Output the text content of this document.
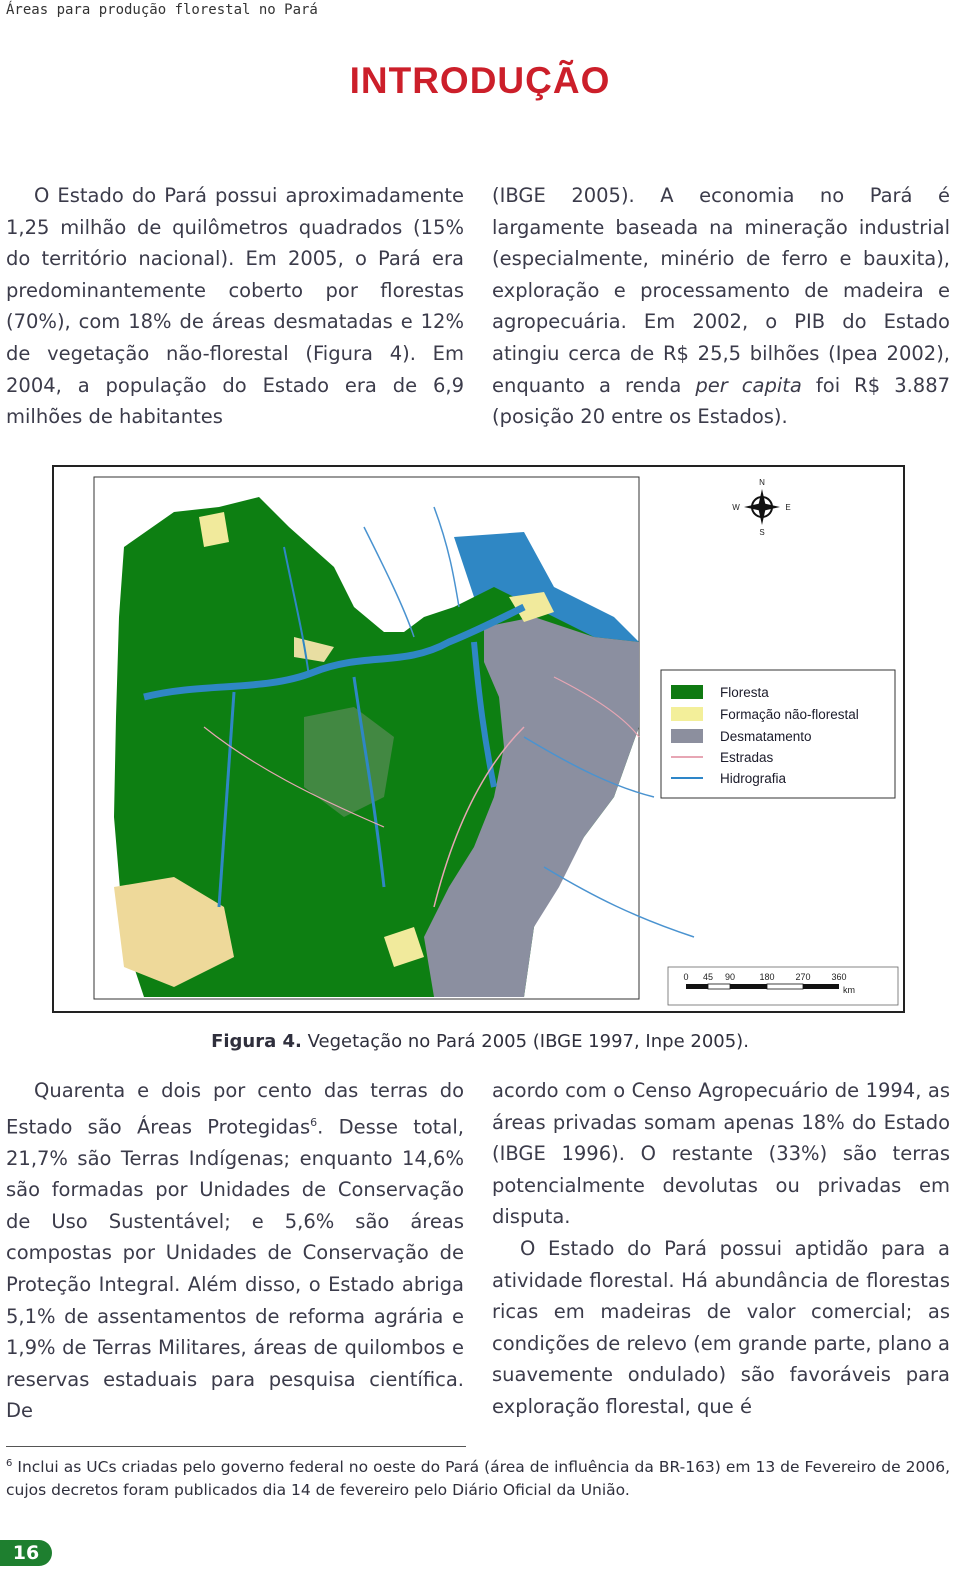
Áreas para produção florestal no Pará
INTRODUÇÃO

O Estado do Pará possui aproximadamente 1,25 milhão de quilômetros quadrados (15% do território nacional). Em 2005, o Pará era predominantemente coberto por florestas (70%), com 18% de áreas desmatadas e 12% de vegetação não-florestal (Figura 4). Em 2004, a população do Estado era de 6,9 milhões de habitantes

(IBGE 2005). A economia no Pará é largamente baseada na mineração industrial (especialmente, minério de ferro e bauxita), exploração e processamento de madeira e agropecuária. Em 2002, o PIB do Estado atingiu cerca de R$ 25,5 bilhões (Ipea 2002), enquanto a renda per capita foi R$ 3.887 (posição 20 entre os Estados).

N
S
W	E
Floresta
Formação não-florestal
Desmatamento
Estradas
Hidrografia
0 45 90	180 270 360
km
Figura 4. Vegetação no Pará 2005 (IBGE 1997, Inpe 2005).

Quarenta e dois por cento das terras do Estado são Áreas Protegidas$^6$. Desse total, 21,7% são Terras Indígenas; enquanto 14,6% são formadas por Unidades de Conservação de Uso Sustentável; e 5,6% são áreas compostas por Unidades de Conservação de Proteção Integral. Além disso, o Estado abriga 5,1% de assentamentos de reforma agrária e 1,9% de Terras Militares, áreas de quilombos e reservas estaduais para pesquisa científica. De

acordo com o Censo Agropecuário de 1994, as áreas privadas somam apenas 18% do Estado (IBGE 1996). O restante (33%) são terras potencialmente devolutas ou privadas em disputa.

O Estado do Pará possui aptidão para a atividade florestal. Há abundância de florestas ricas em madeiras de valor comercial; as condições de relevo (em grande parte, plano a suavemente ondulado) são favoráveis para exploração florestal, que é

$^6$ Inclui as UCs criadas pelo governo federal no oeste do Pará (área de influência da BR-163) em 13 de Fevereiro de 2006, cujos decretos foram publicados dia 14 de fevereiro pelo Diário Oficial da União.
16
